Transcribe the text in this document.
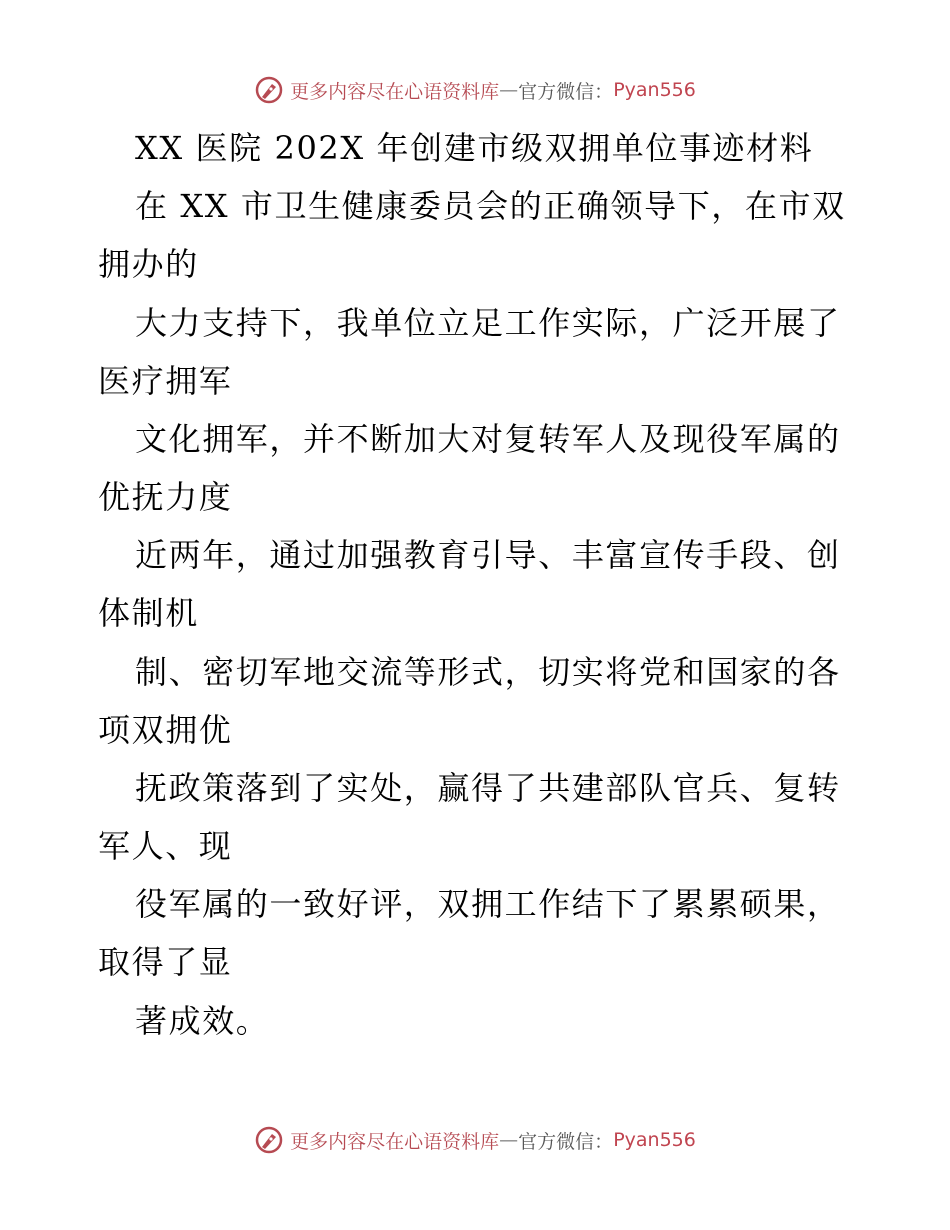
更多内容尽在心语资料库 — 官方微信： Pyan556
XX 医院 202X 年创建市级双拥单位事迹材料
在 XX 市卫生健康委员会的正确领导下，在市双
拥办的
大力支持下，我单位立足工作实际，广泛开展了
医疗拥军
文化拥军，并不断加大对复转军人及现役军属的
优抚力度
近两年，通过加强教育引导、丰富宣传手段、创
体制机
制、密切军地交流等形式，切实将党和国家的各
项双拥优
抚政策落到了实处，赢得了共建部队官兵、复转
军人、现
役军属的一致好评，双拥工作结下了累累硕果，
取得了显
著成效。
更多内容尽在心语资料库 — 官方微信： Pyan556
